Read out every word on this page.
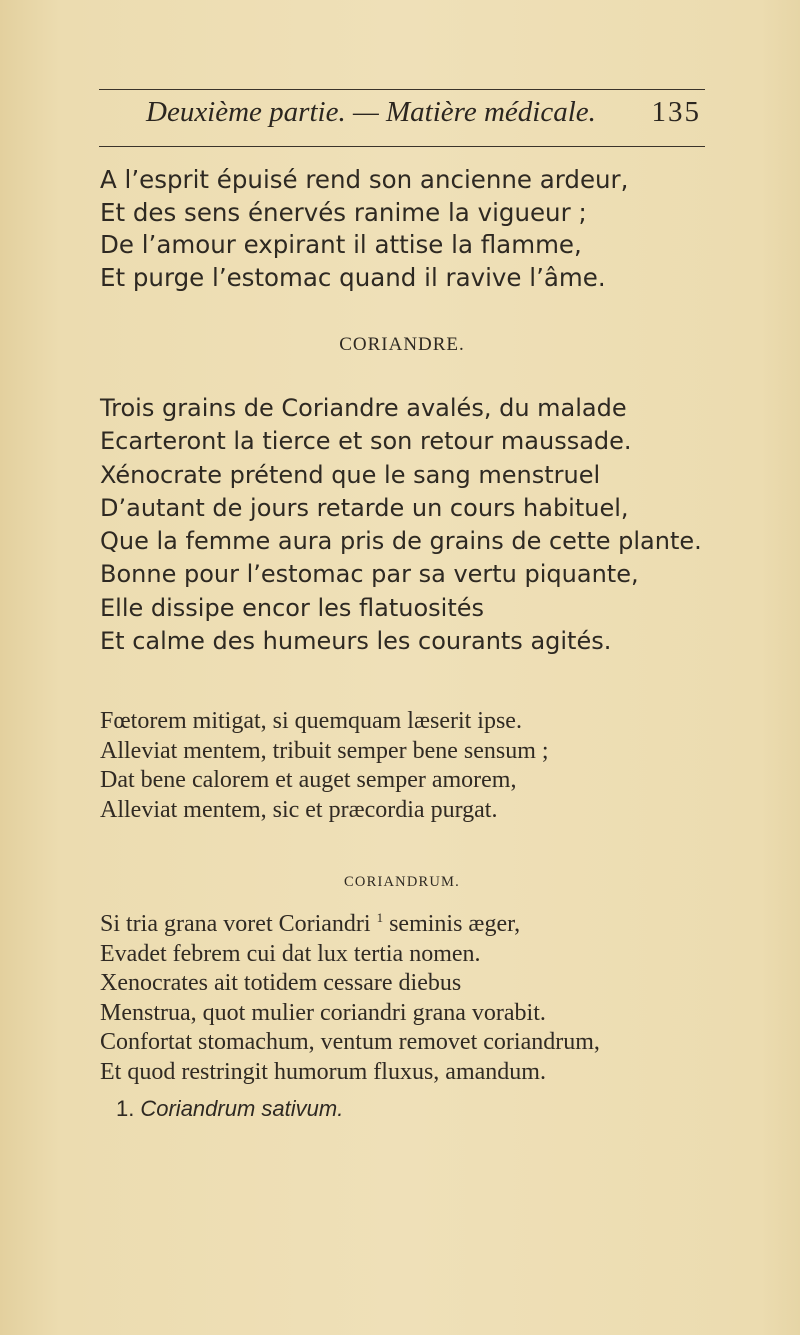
Deuxième partie. — Matière médicale. 135
A l’esprit épuisé rend son ancienne ardeur,
Et des sens énervés ranime la vigueur ;
De l’amour expirant il attise la flamme,
Et purge l’estomac quand il ravive l’âme.
CORIANDRE.
Trois grains de Coriandre avalés, du malade
Ecarteront la tierce et son retour maussade.
Xénocrate prétend que le sang menstruel
D’autant de jours retarde un cours habituel,
Que la femme aura pris de grains de cette plante.
Bonne pour l’estomac par sa vertu piquante,
Elle dissipe encor les flatuosités
Et calme des humeurs les courants agités.
Fœtorem mitigat, si quemquam læserit ipse.
Alleviat mentem, tribuit semper bene sensum ;
Dat bene calorem et auget semper amorem,
Alleviat mentem, sic et præcordia purgat.
CORIANDRUM.
Si tria grana voret Coriandri $^1$ seminis æger,
Evadet febrem cui dat lux tertia nomen.
Xenocrates ait totidem cessare diebus
Menstrua, quot mulier coriandri grana vorabit.
Confortat stomachum, ventum removet coriandrum,
Et quod restringit humorum fluxus, amandum.
1. Coriandrum sativum.
